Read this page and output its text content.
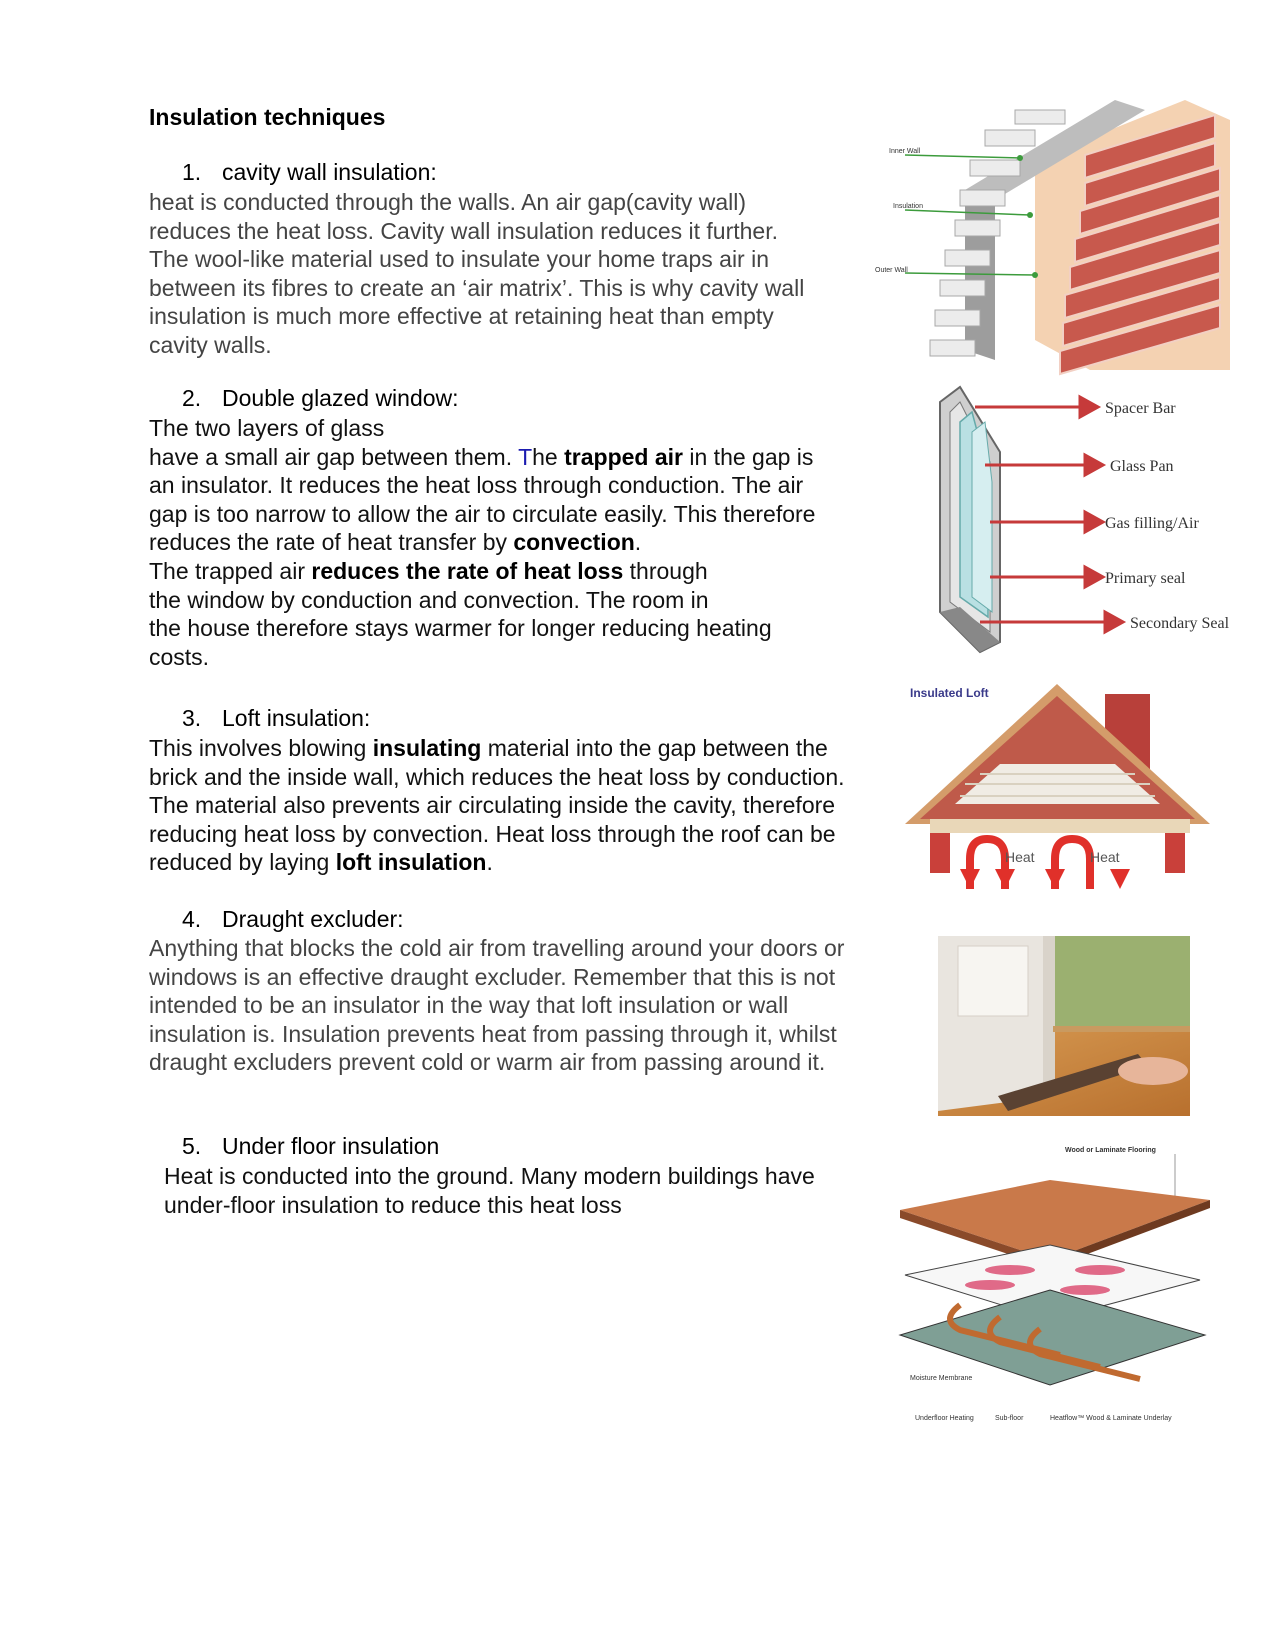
Insulation techniques
1. cavity wall insulation:
heat is conducted through the walls. An air gap(cavity wall)
reduces the heat loss. Cavity wall insulation reduces it further.
The wool-like material used to insulate your home traps air in
between its fibres to create an ‘air matrix’. This is why cavity wall
insulation is much more effective at retaining heat than empty
cavity walls.
2. Double glazed window:
The two layers of glass
have a small air gap between them. The trapped air in the gap is
an insulator. It reduces the heat loss through conduction. The air
gap is too narrow to allow the air to circulate easily. This therefore
reduces the rate of heat transfer by convection.
The trapped air reduces the rate of heat loss through
the window by conduction and convection. The room in
the house therefore stays warmer for longer reducing heating
costs.
3. Loft insulation:
This involves blowing insulating material into the gap between the
brick and the inside wall, which reduces the heat loss by conduction.
The material also prevents air circulating inside the cavity, therefore
reducing heat loss by convection. Heat loss through the roof can be
reduced by laying loft insulation.
4. Draught excluder:
Anything that blocks the cold air from travelling around your doors or
windows is an effective draught excluder. Remember that this is not
intended to be an insulator in the way that loft insulation or wall
insulation is. Insulation prevents heat from passing through it, whilst
draught excluders prevent cold or warm air from passing around it.
5. Under floor insulation
Heat is conducted into the ground. Many modern buildings have
under-floor insulation to reduce this heat loss
Inner Wall
Insulation
Outer Wall
Spacer Bar
Glass Pan
Gas filling/Air
Primary seal
Secondary Seal
Insulated Loft
Heat	Heat
Wood or Laminate Flooring
Moisture Membrane
Underfloor Heating	Sub-floor	Heatflow™ Wood & Laminate Underlay
